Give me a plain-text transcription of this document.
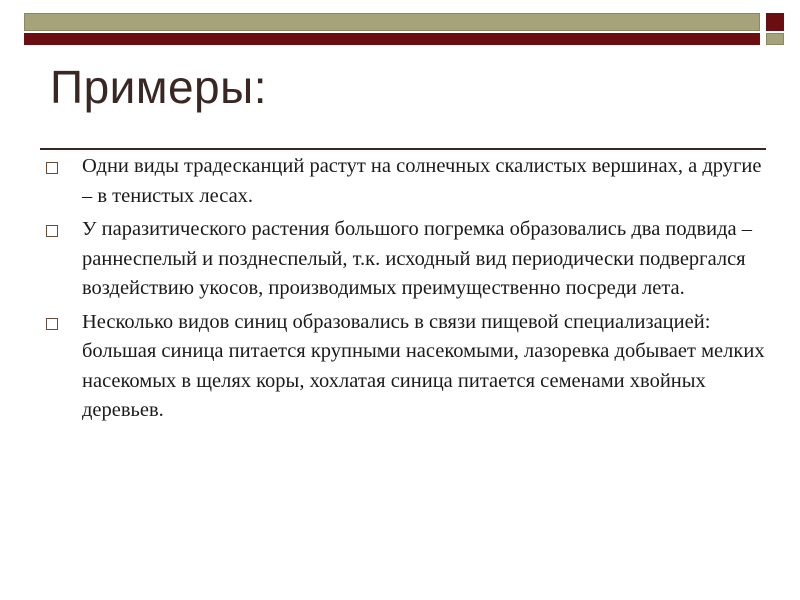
Примеры:
Одни виды традесканций растут на солнечных скалистых вершинах, а другие – в тенистых лесах.
У паразитического растения большого погремка образовались два подвида – раннеспелый и позднеспелый, т.к. исходный вид периодически подвергался воздействию укосов, производимых преимущественно посреди лета.
Несколько видов синиц образовались в связи пищевой специализацией: большая синица питается крупными насекомыми, лазоревка добывает мелких насекомых в щелях коры, хохлатая синица питается семенами хвойных деревьев.
